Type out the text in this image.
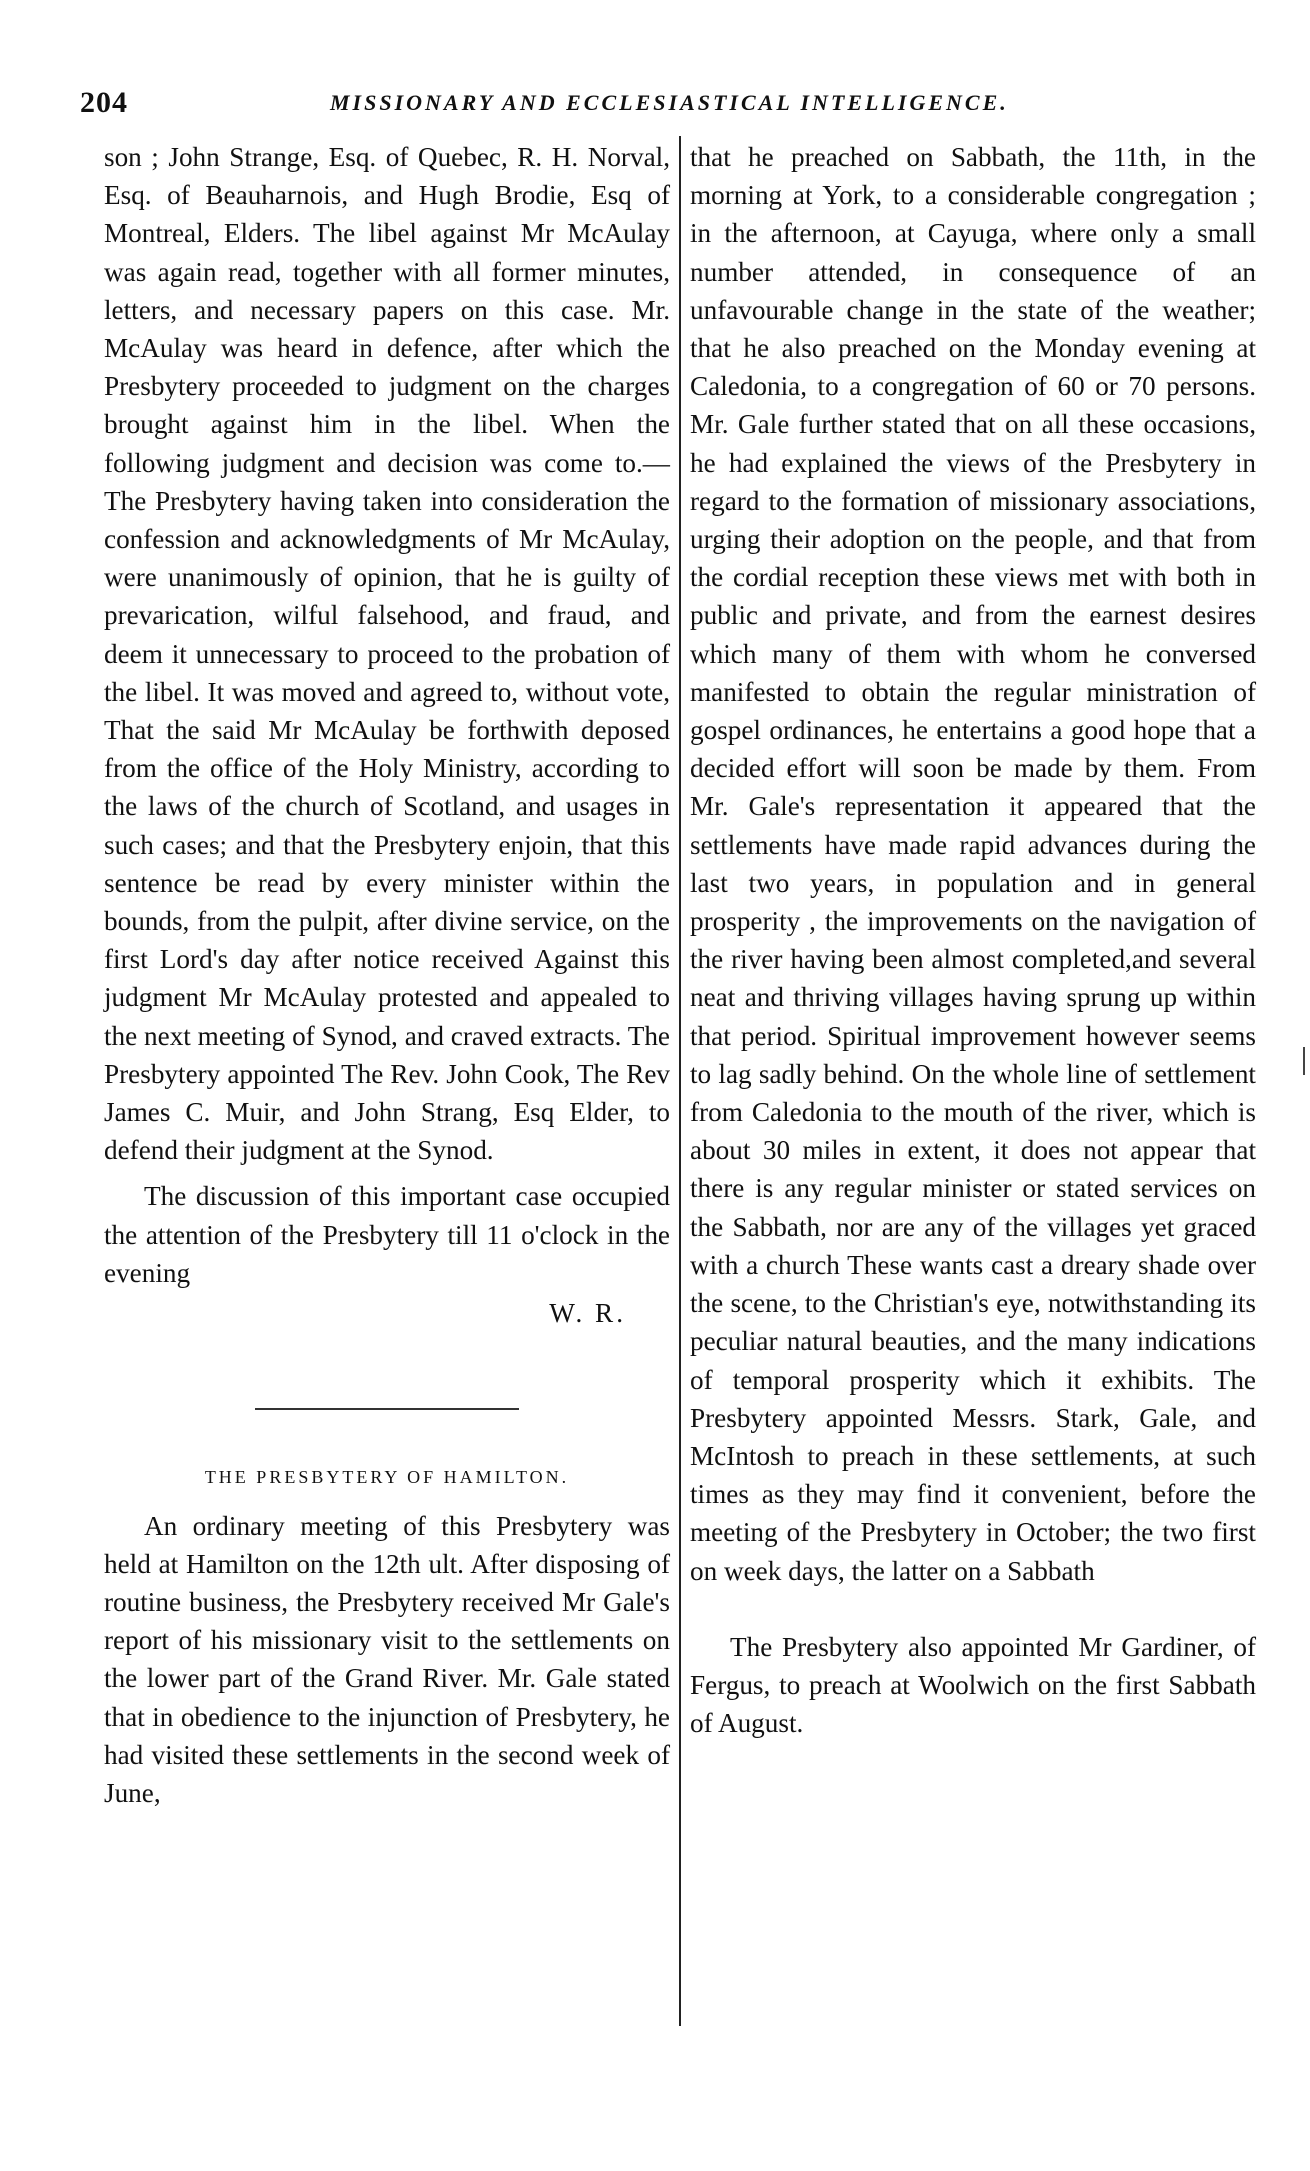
204	MISSIONARY AND ECCLESIASTICAL INTELLIGENCE.

son ; John Strange, Esq. of Quebec, R. H. Norval, Esq. of Beauharnois, and Hugh Brodie, Esq of Montreal, Elders. The libel against Mr McAulay was again read, together with all former minutes, letters, and necessary papers on this case. Mr. McAulay was heard in defence, after which the Presbytery proceeded to judgment on the charges brought against him in the libel. When the following judgment and decision was come to.—The Presbytery having taken into consideration the confession and acknowledgments of Mr McAulay, were unanimously of opinion, that he is guilty of prevarication, wilful falsehood, and fraud, and deem it unnecessary to proceed to the probation of the libel. It was moved and agreed to, without vote, That the said Mr McAulay be forthwith deposed from the office of the Holy Ministry, according to the laws of the church of Scotland, and usages in such cases; and that the Presbytery enjoin, that this sentence be read by every minister within the bounds, from the pulpit, after divine service, on the first Lord's day after notice received Against this judgment Mr McAulay protested and appealed to the next meeting of Synod, and craved extracts. The Presbytery appointed The Rev. John Cook, The Rev James C. Muir, and John Strang, Esq Elder, to defend their judgment at the Synod.

The discussion of this important case occupied the attention of the Presbytery till 11 o'clock in the evening

W. R.

THE PRESBYTERY OF HAMILTON.

An ordinary meeting of this Presbytery was held at Hamilton on the 12th ult. After disposing of routine business, the Presbytery received Mr Gale's report of his missionary visit to the settlements on the lower part of the Grand River. Mr. Gale stated that in obedience to the injunction of Presbytery, he had visited these settlements in the second week of June,

that he preached on Sabbath, the 11th, in the morning at York, to a considerable congregation ; in the afternoon, at Cayuga, where only a small number attended, in consequence of an unfavourable change in the state of the weather; that he also preached on the Monday evening at Caledonia, to a congregation of 60 or 70 persons. Mr. Gale further stated that on all these occasions, he had explained the views of the Presbytery in regard to the formation of missionary associations, urging their adoption on the people, and that from the cordial reception these views met with both in public and private, and from the earnest desires which many of them with whom he conversed manifested to obtain the regular ministration of gospel ordinances, he entertains a good hope that a decided effort will soon be made by them. From Mr. Gale's representation it appeared that the settlements have made rapid advances during the last two years, in population and in general prosperity , the improvements on the navigation of the river having been almost completed,and several neat and thriving villages having sprung up within that period. Spiritual improvement however seems to lag sadly behind. On the whole line of settlement from Caledonia to the mouth of the river, which is about 30 miles in extent, it does not appear that there is any regular minister or stated services on the Sabbath, nor are any of the villages yet graced with a church These wants cast a dreary shade over the scene, to the Christian's eye, notwithstanding its peculiar natural beauties, and the many indications of temporal prosperity which it exhibits. The Presbytery appointed Messrs. Stark, Gale, and McIntosh to preach in these settlements, at such times as they may find it convenient, before the meeting of the Presbytery in October; the two first on week days, the latter on a Sabbath

The Presbytery also appointed Mr Gardiner, of Fergus, to preach at Woolwich on the first Sabbath of August.
